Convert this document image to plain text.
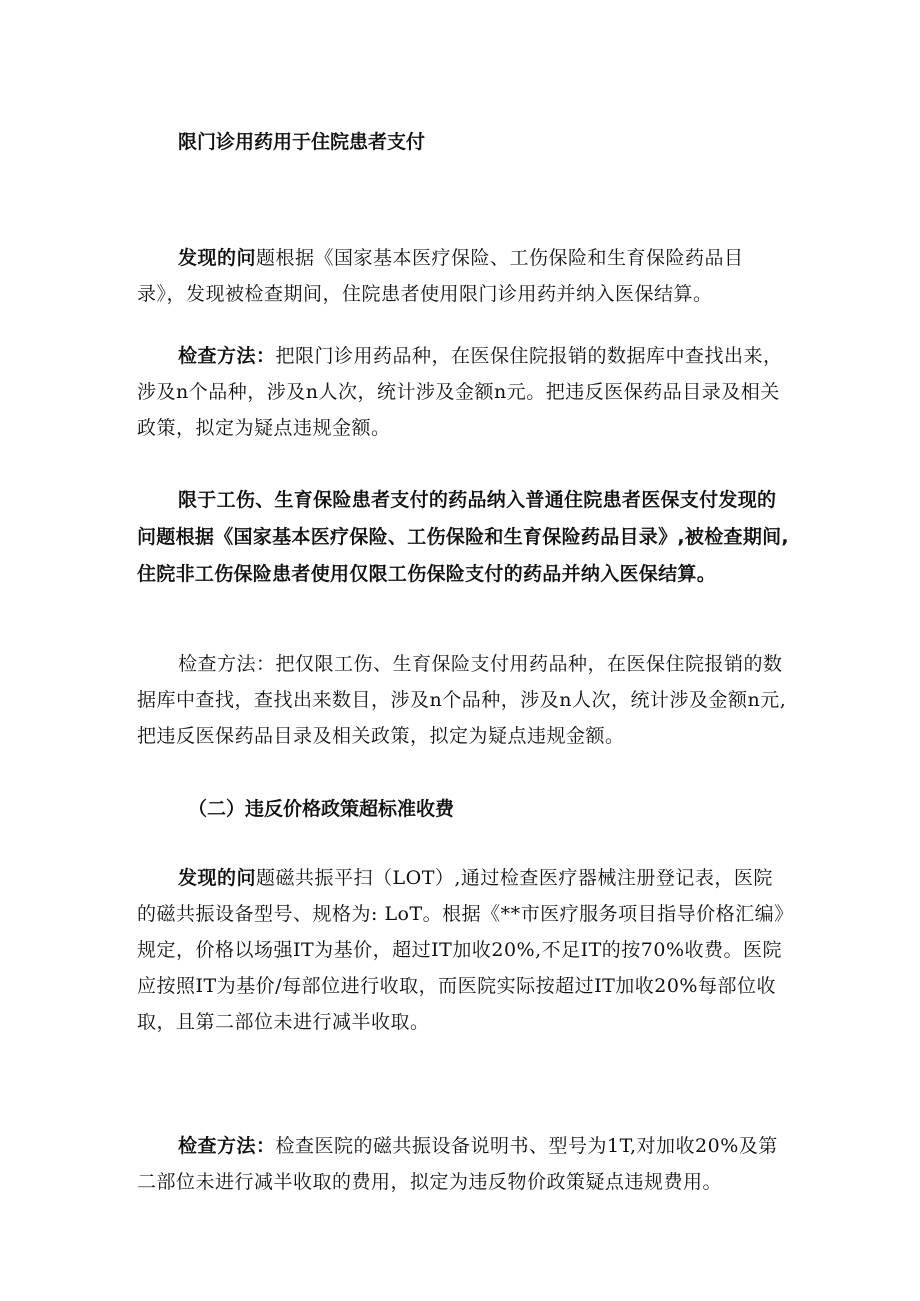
限门诊用药用于住院患者支付
发现的问题根据《国家基本医疗保险、工伤保险和生育保险药品目录》，发现被检查期间，住院患者使用限门诊用药并纳入医保结算。
检查方法：把限门诊用药品种，在医保住院报销的数据库中查找出来，涉及n个品种，涉及n人次，统计涉及金额n元。把违反医保药品目录及相关政策，拟定为疑点违规金额。
限于工伤、生育保险患者支付的药品纳入普通住院患者医保支付发现的问题根据《国家基本医疗保险、工伤保险和生育保险药品目录》,被检查期间,住院非工伤保险患者使用仅限工伤保险支付的药品并纳入医保结算。
检查方法：把仅限工伤、生育保险支付用药品种，在医保住院报销的数据库中查找，查找出来数目，涉及n个品种，涉及n人次，统计涉及金额n元,把违反医保药品目录及相关政策，拟定为疑点违规金额。
（二）违反价格政策超标准收费
发现的问题磁共振平扫（LOT）,通过检查医疗器械注册登记表，医院的磁共振设备型号、规格为: LoT。根据《**市医疗服务项目指导价格汇编》规定，价格以场强IT为基价，超过IT加收20%,不足IT的按70%收费。医院应按照IT为基价/每部位进行收取，而医院实际按超过IT加收20%每部位收取，且第二部位未进行减半收取。
检查方法：检查医院的磁共振设备说明书、型号为1T,对加收20%及第二部位未进行减半收取的费用，拟定为违反物价政策疑点违规费用。
